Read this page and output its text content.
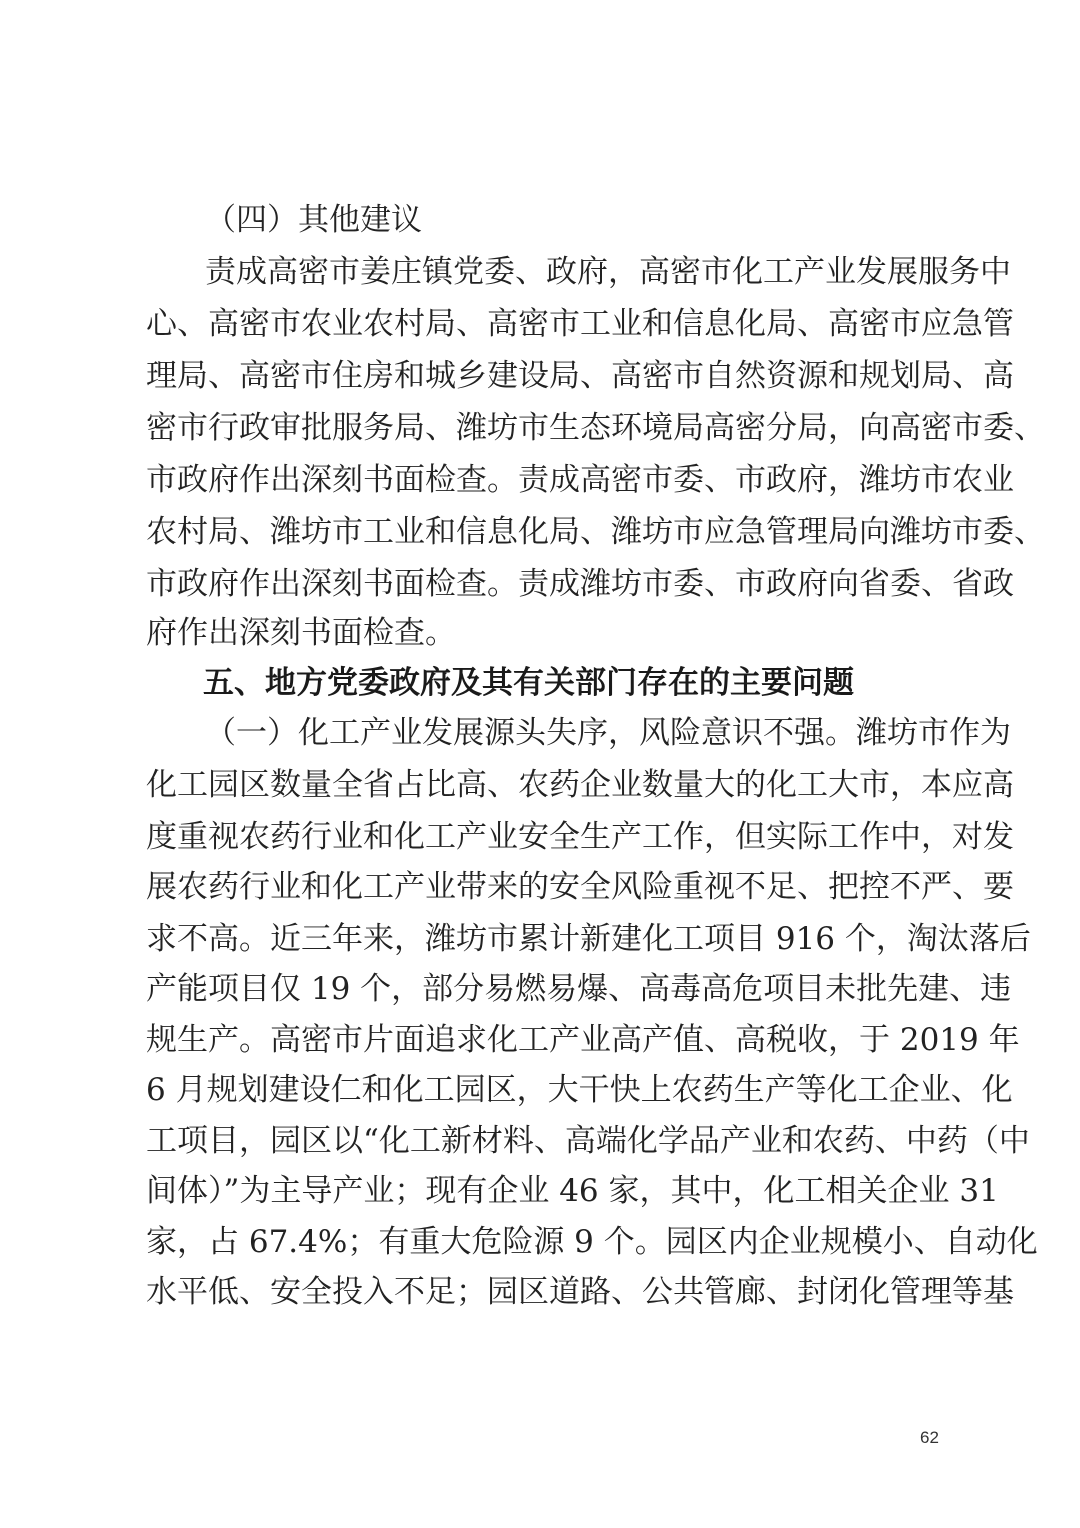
（四）其他建议
责成高密市姜庄镇党委、政府，高密市化工产业发展服务中
心、高密市农业农村局、高密市工业和信息化局、高密市应急管
理局、高密市住房和城乡建设局、高密市自然资源和规划局、高
密市行政审批服务局、潍坊市生态环境局高密分局，向高密市委、
市政府作出深刻书面检查。责成高密市委、市政府，潍坊市农业
农村局、潍坊市工业和信息化局、潍坊市应急管理局向潍坊市委、
市政府作出深刻书面检查。责成潍坊市委、市政府向省委、省政
府作出深刻书面检查。
五、地方党委政府及其有关部门存在的主要问题
（一）化工产业发展源头失序，风险意识不强。潍坊市作为
化工园区数量全省占比高、农药企业数量大的化工大市，本应高
度重视农药行业和化工产业安全生产工作，但实际工作中，对发
展农药行业和化工产业带来的安全风险重视不足、把控不严、要
求不高。近三年来，潍坊市累计新建化工项目 916 个，淘汰落后
产能项目仅 19 个，部分易燃易爆、高毒高危项目未批先建、违
规生产。高密市片面追求化工产业高产值、高税收，于 2019 年
6 月规划建设仁和化工园区，大干快上农药生产等化工企业、化
工项目，园区以“化工新材料、高端化学品产业和农药、中药（中
间体）”为主导产业；现有企业 46 家，其中，化工相关企业 31
家，占 67.4%；有重大危险源 9 个。园区内企业规模小、自动化
水平低、安全投入不足；园区道路、公共管廊、封闭化管理等基
62
